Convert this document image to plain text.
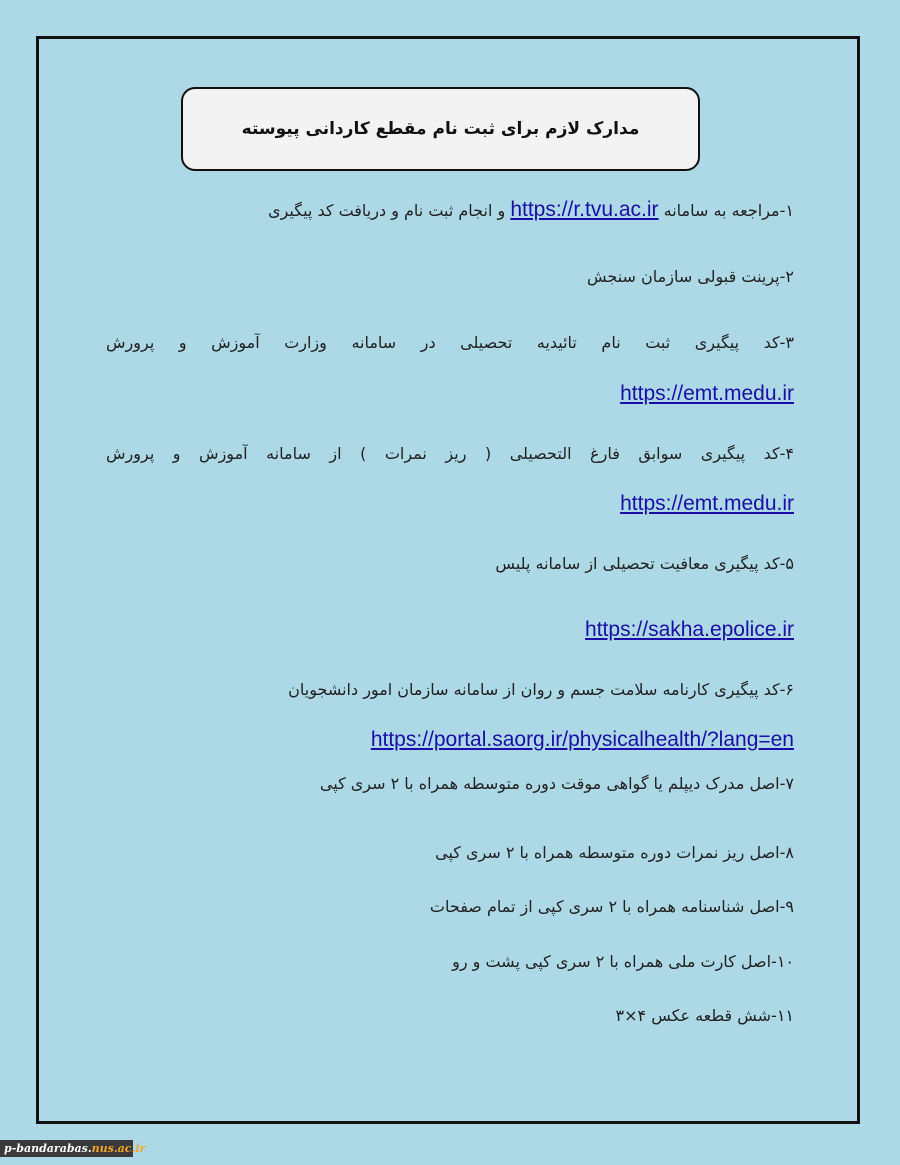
مدارک لازم برای ثبت نام مقطع کاردانی پیوسته
۱-مراجعه به سامانه https://r.tvu.ac.ir و انجام ثبت نام و دریافت کد پیگیری
۲-پرینت قبولی سازمان سنجش
۳-کد پیگیری ثبت نام تائیدیه تحصیلی در سامانه وزارت آموزش و پرورش
https://emt.medu.ir
۴-کد پیگیری سوابق فارغ التحصیلی ( ریز نمرات ) از سامانه آموزش و پرورش
https://emt.medu.ir
۵-کد پیگیری معافیت تحصیلی از سامانه پلیس
https://sakha.epolice.ir
۶-کد پیگیری کارنامه سلامت جسم و روان از سامانه سازمان امور دانشجویان
https://portal.saorg.ir/physicalhealth/?lang=en
۷-اصل مدرک دیپلم یا گواهی موقت دوره متوسطه همراه با ۲ سری کپی
۸-اصل ریز نمرات دوره متوسطه همراه با ۲ سری کپی
۹-اصل شناسنامه همراه با ۲ سری کپی از تمام صفحات
۱۰-اصل کارت ملی همراه با ۲ سری کپی پشت و رو
۱۱-شش قطعه عکس ۴×۳
p-bandarabas.nus.ac.ir
